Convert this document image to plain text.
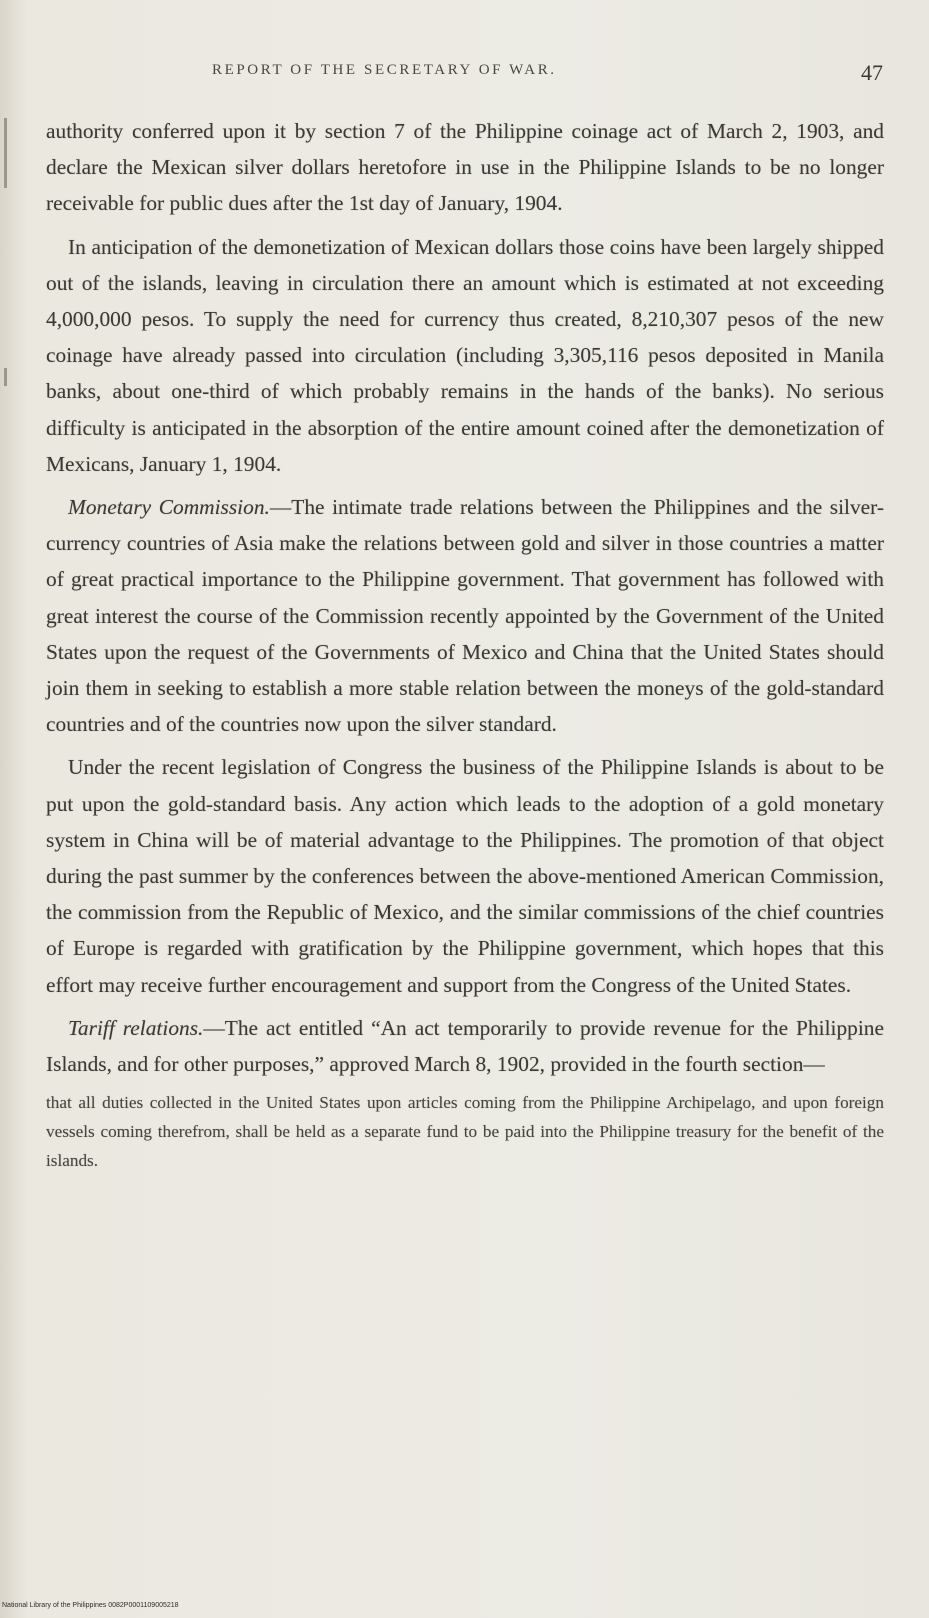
REPORT OF THE SECRETARY OF WAR.	47

authority conferred upon it by section 7 of the Philippine coinage act of March 2, 1903, and declare the Mexican silver dollars heretofore in use in the Philippine Islands to be no longer receivable for public dues after the 1st day of January, 1904.

In anticipation of the demonetization of Mexican dollars those coins have been largely shipped out of the islands, leaving in circulation there an amount which is estimated at not exceeding 4,000,000 pesos. To supply the need for currency thus created, 8,210,307 pesos of the new coinage have already passed into circulation (including 3,305,116 pesos deposited in Manila banks, about one-third of which probably remains in the hands of the banks). No serious difficulty is anticipated in the absorption of the entire amount coined after the demonetization of Mexicans, January 1, 1904.

Monetary Commission.—The intimate trade relations between the Philippines and the silver-currency countries of Asia make the relations between gold and silver in those countries a matter of great practical importance to the Philippine government. That government has followed with great interest the course of the Commission recently appointed by the Government of the United States upon the request of the Governments of Mexico and China that the United States should join them in seeking to establish a more stable relation between the moneys of the gold-standard countries and of the countries now upon the silver standard.

Under the recent legislation of Congress the business of the Philippine Islands is about to be put upon the gold-standard basis. Any action which leads to the adoption of a gold monetary system in China will be of material advantage to the Philippines. The promotion of that object during the past summer by the conferences between the above-mentioned American Commission, the commission from the Republic of Mexico, and the similar commissions of the chief countries of Europe is regarded with gratification by the Philippine government, which hopes that this effort may receive further encouragement and support from the Congress of the United States.

Tariff relations.—The act entitled “An act temporarily to provide revenue for the Philippine Islands, and for other purposes,” approved March 8, 1902, provided in the fourth section—

that all duties collected in the United States upon articles coming from the Philippine Archipelago, and upon foreign vessels coming therefrom, shall be held as a separate fund to be paid into the Philippine treasury for the benefit of the islands.

National Library of the Philippines 0082P0001109005218
